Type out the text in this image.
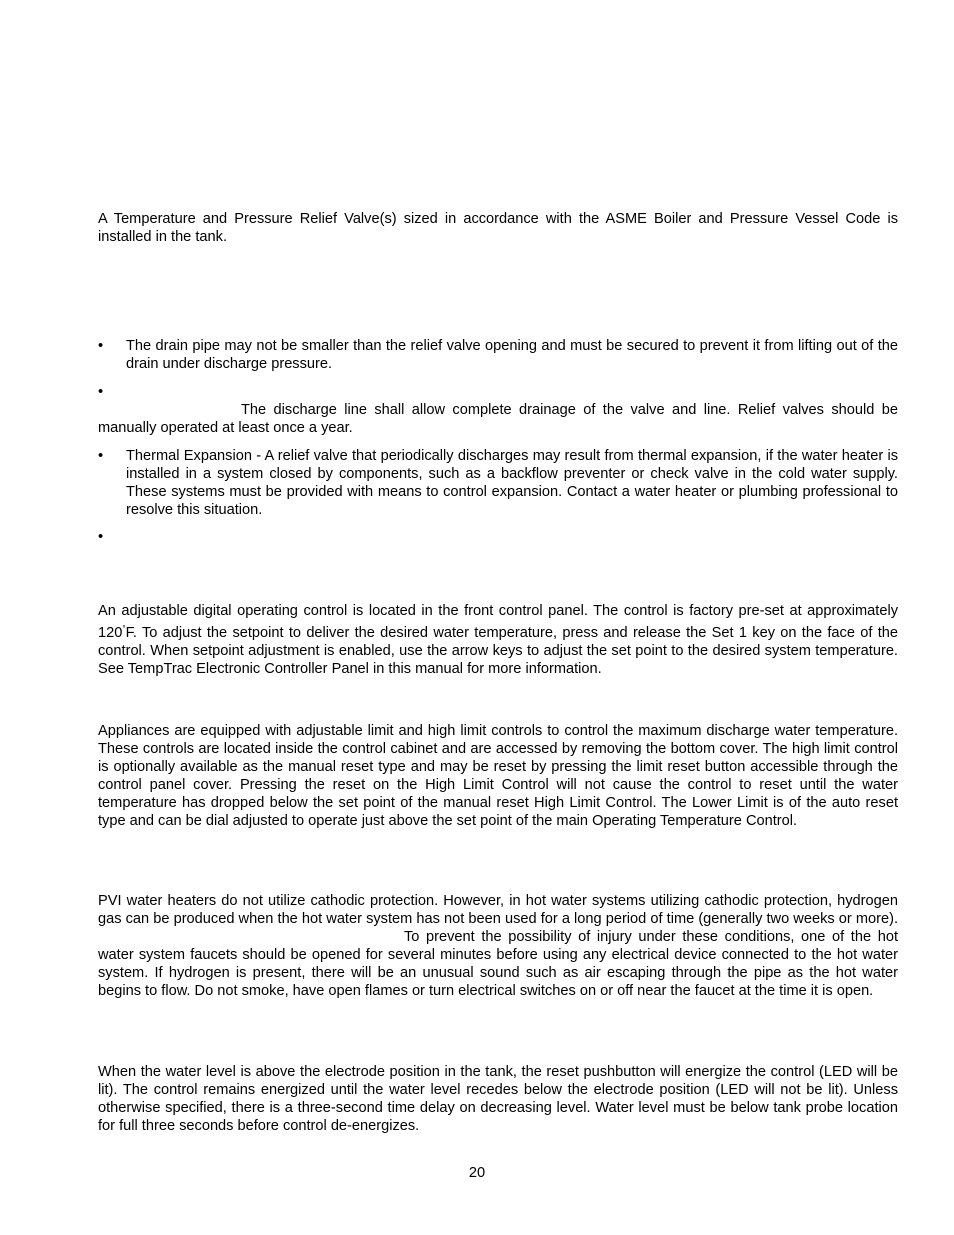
A Temperature and Pressure Relief Valve(s) sized in accordance with the ASME Boiler and Pressure Vessel Code is installed in the tank.
•	The drain pipe may not be smaller than the relief valve opening and must be secured to prevent it from lifting out of the drain under discharge pressure.
•
The discharge line shall allow complete drainage of the valve and line. Relief valves should be manually operated at least once a year.
•	Thermal Expansion - A relief valve that periodically discharges may result from thermal expansion, if the water heater is installed in a system closed by components, such as a backflow preventer or check valve in the cold water supply. These systems must be provided with means to control expansion. Contact a water heater or plumbing professional to resolve this situation.
•
An adjustable digital operating control is located in the front control panel. The control is factory pre-set at approximately 120°F. To adjust the setpoint to deliver the desired water temperature, press and release the Set 1 key on the face of the control. When setpoint adjustment is enabled, use the arrow keys to adjust the set point to the desired system temperature. See TempTrac Electronic Controller Panel in this manual for more information.
Appliances are equipped with adjustable limit and high limit controls to control the maximum discharge water temperature. These controls are located inside the control cabinet and are accessed by removing the bottom cover. The high limit control is optionally available as the manual reset type and may be reset by pressing the limit reset button accessible through the control panel cover. Pressing the reset on the High Limit Control will not cause the control to reset until the water temperature has dropped below the set point of the manual reset High Limit Control. The Lower Limit is of the auto reset type and can be dial adjusted to operate just above the set point of the main Operating Temperature Control.
PVI water heaters do not utilize cathodic protection. However, in hot water systems utilizing cathodic protection, hydrogen gas can be produced when the hot water system has not been used for a long period of time (generally two weeks or more).To prevent the possibility of injury under these conditions, one of the hot water system faucets should be opened for several minutes before using any electrical device connected to the hot water system. If hydrogen is present, there will be an unusual sound such as air escaping through the pipe as the hot water begins to flow. Do not smoke, have open flames or turn electrical switches on or off near the faucet at the time it is open.
When the water level is above the electrode position in the tank, the reset pushbutton will energize the control (LED will be lit). The control remains energized until the water level recedes below the electrode position (LED will not be lit). Unless otherwise specified, there is a three-second time delay on decreasing level. Water level must be below tank probe location for full three seconds before control de-energizes.
20
